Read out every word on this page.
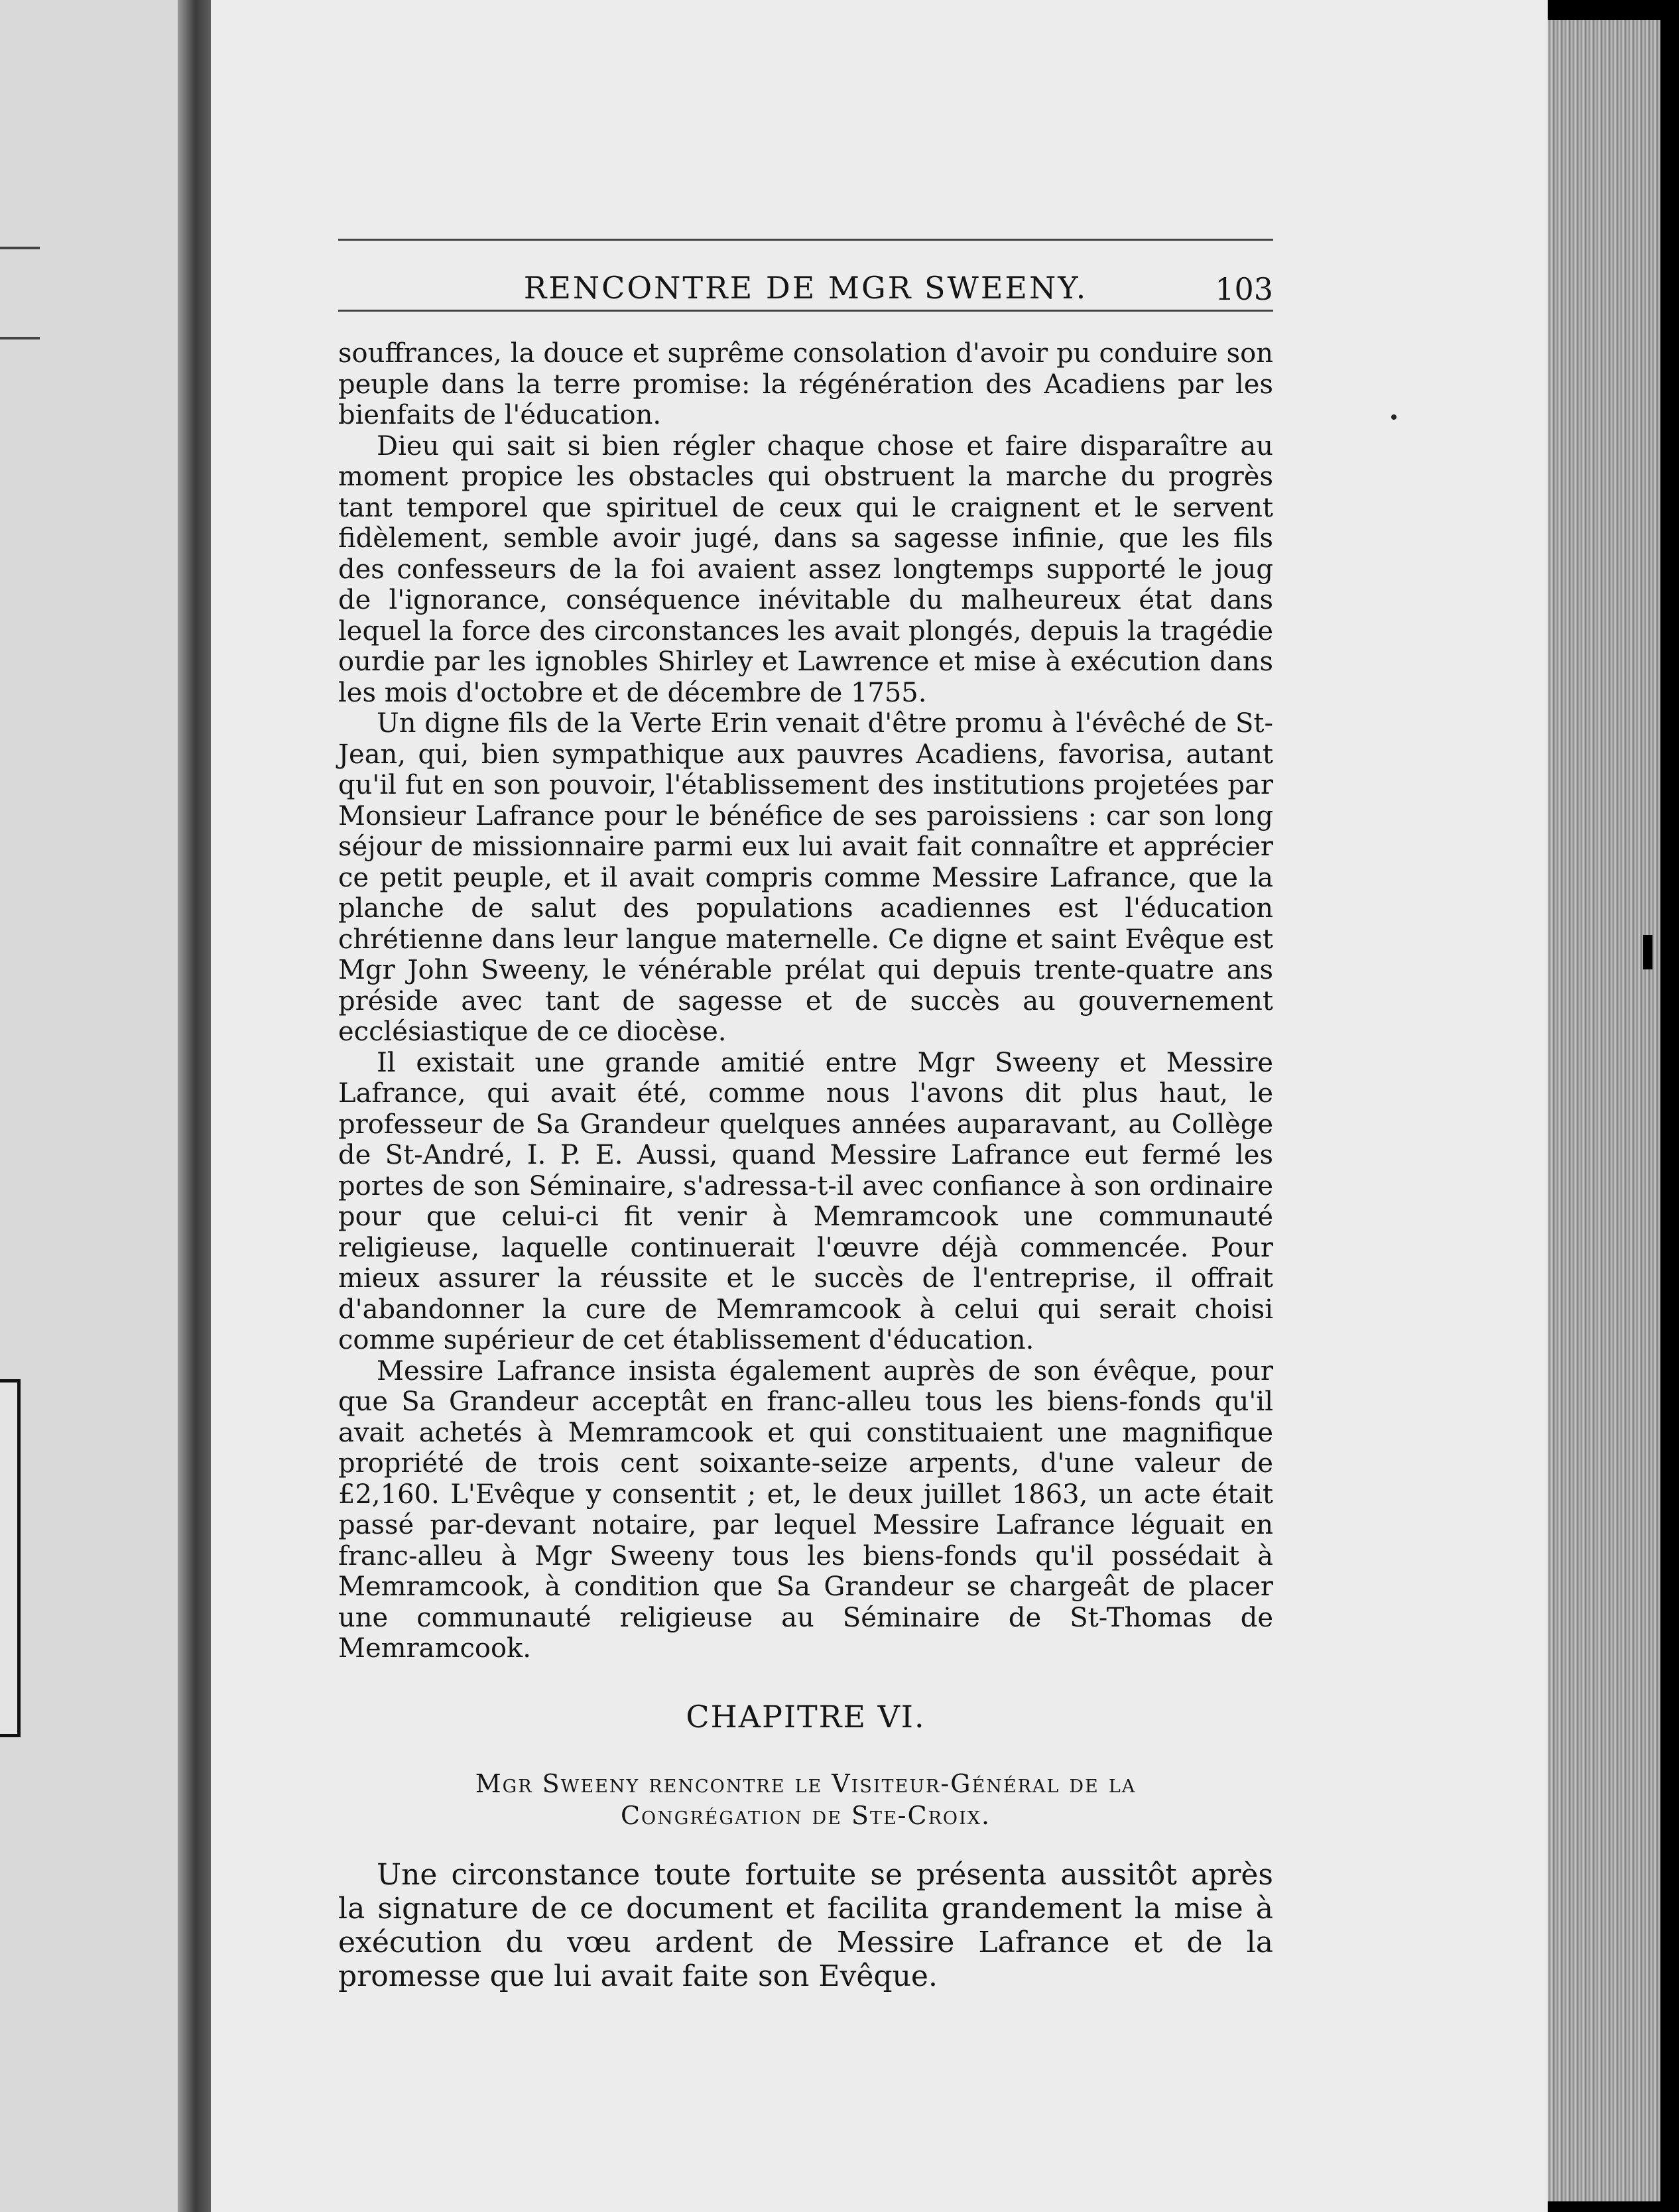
RENCONTRE DE MGR SWEENY.	103

souffrances, la douce et suprême consolation d'avoir pu conduire son peuple dans la terre promise: la régénération des Acadiens par les bienfaits de l'éducation.

Dieu qui sait si bien régler chaque chose et faire disparaître au moment propice les obstacles qui obstruent la marche du progrès tant temporel que spirituel de ceux qui le craignent et le servent fidèlement, semble avoir jugé, dans sa sagesse infinie, que les fils des confesseurs de la foi avaient assez longtemps supporté le joug de l'ignorance, conséquence inévitable du malheureux état dans lequel la force des circonstances les avait plongés, depuis la tragédie ourdie par les ignobles Shirley et Lawrence et mise à exécution dans les mois d'octobre et de décembre de 1755.

Un digne fils de la Verte Erin venait d'être promu à l'évêché de St-Jean, qui, bien sympathique aux pauvres Acadiens, favorisa, autant qu'il fut en son pouvoir, l'établissement des institutions projetées par Monsieur Lafrance pour le bénéfice de ses paroissiens : car son long séjour de missionnaire parmi eux lui avait fait connaître et apprécier ce petit peuple, et il avait compris comme Messire Lafrance, que la planche de salut des populations acadiennes est l'éducation chrétienne dans leur langue maternelle. Ce digne et saint Evêque est Mgr John Sweeny, le vénérable prélat qui depuis trente-quatre ans préside avec tant de sagesse et de succès au gouvernement ecclésiastique de ce diocèse.

Il existait une grande amitié entre Mgr Sweeny et Messire Lafrance, qui avait été, comme nous l'avons dit plus haut, le professeur de Sa Grandeur quelques années auparavant, au Collège de St-André, I. P. E. Aussi, quand Messire Lafrance eut fermé les portes de son Séminaire, s'adressa-t-il avec confiance à son ordinaire pour que celui-ci fit venir à Memramcook une communauté religieuse, laquelle continuerait l'œuvre déjà commencée. Pour mieux assurer la réussite et le succès de l'entreprise, il offrait d'abandonner la cure de Memramcook à celui qui serait choisi comme supérieur de cet établissement d'éducation.

Messire Lafrance insista également auprès de son évêque, pour que Sa Grandeur acceptât en franc-alleu tous les biens-fonds qu'il avait achetés à Memramcook et qui constituaient une magnifique propriété de trois cent soixante-seize arpents, d'une valeur de £2,160. L'Evêque y consentit ; et, le deux juillet 1863, un acte était passé par-devant notaire, par lequel Messire Lafrance léguait en franc-alleu à Mgr Sweeny tous les biens-fonds qu'il possédait à Memramcook, à condition que Sa Grandeur se chargeât de placer une communauté religieuse au Séminaire de St-Thomas de Memramcook.

CHAPITRE VI.
Mgr Sweeny rencontre le Visiteur-Général de la
Congrégation de Ste-Croix.

Une circonstance toute fortuite se présenta aussitôt après la signature de ce document et facilita grandement la mise à exécution du vœu ardent de Messire Lafrance et de la promesse que lui avait faite son Evêque.
